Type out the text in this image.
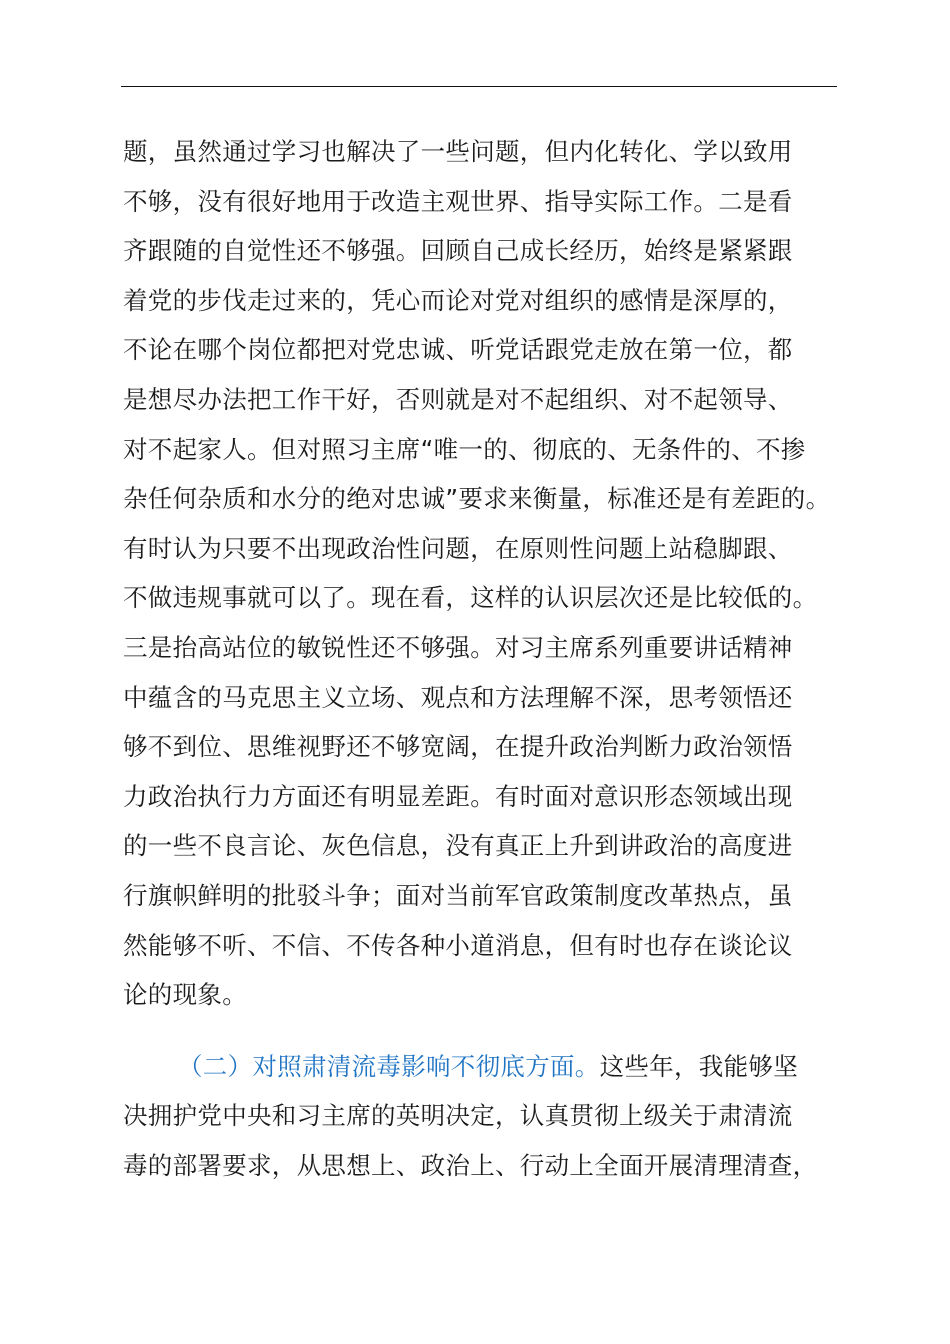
题，虽然通过学习也解决了一些问题，但内化转化、学以致用
不够，没有很好地用于改造主观世界、指导实际工作。二是看
齐跟随的自觉性还不够强。回顾自己成长经历，始终是紧紧跟
着党的步伐走过来的，凭心而论对党对组织的感情是深厚的，
不论在哪个岗位都把对党忠诚、听党话跟党走放在第一位，都
是想尽办法把工作干好，否则就是对不起组织、对不起领导、
对不起家人。但对照习主席“唯一的、彻底的、无条件的、不掺
杂任何杂质和水分的绝对忠诚”要求来衡量，标准还是有差距的。
有时认为只要不出现政治性问题，在原则性问题上站稳脚跟、
不做违规事就可以了。现在看，这样的认识层次还是比较低的。
三是抬高站位的敏锐性还不够强。对习主席系列重要讲话精神
中蕴含的马克思主义立场、观点和方法理解不深，思考领悟还
够不到位、思维视野还不够宽阔，在提升政治判断力政治领悟
力政治执行力方面还有明显差距。有时面对意识形态领域出现
的一些不良言论、灰色信息，没有真正上升到讲政治的高度进
行旗帜鲜明的批驳斗争；面对当前军官政策制度改革热点，虽
然能够不听、不信、不传各种小道消息，但有时也存在谈论议
论的现象。
（二）对照肃清流毒影响不彻底方面。这些年，我能够坚
决拥护党中央和习主席的英明决定，认真贯彻上级关于肃清流
毒的部署要求，从思想上、政治上、行动上全面开展清理清查，
